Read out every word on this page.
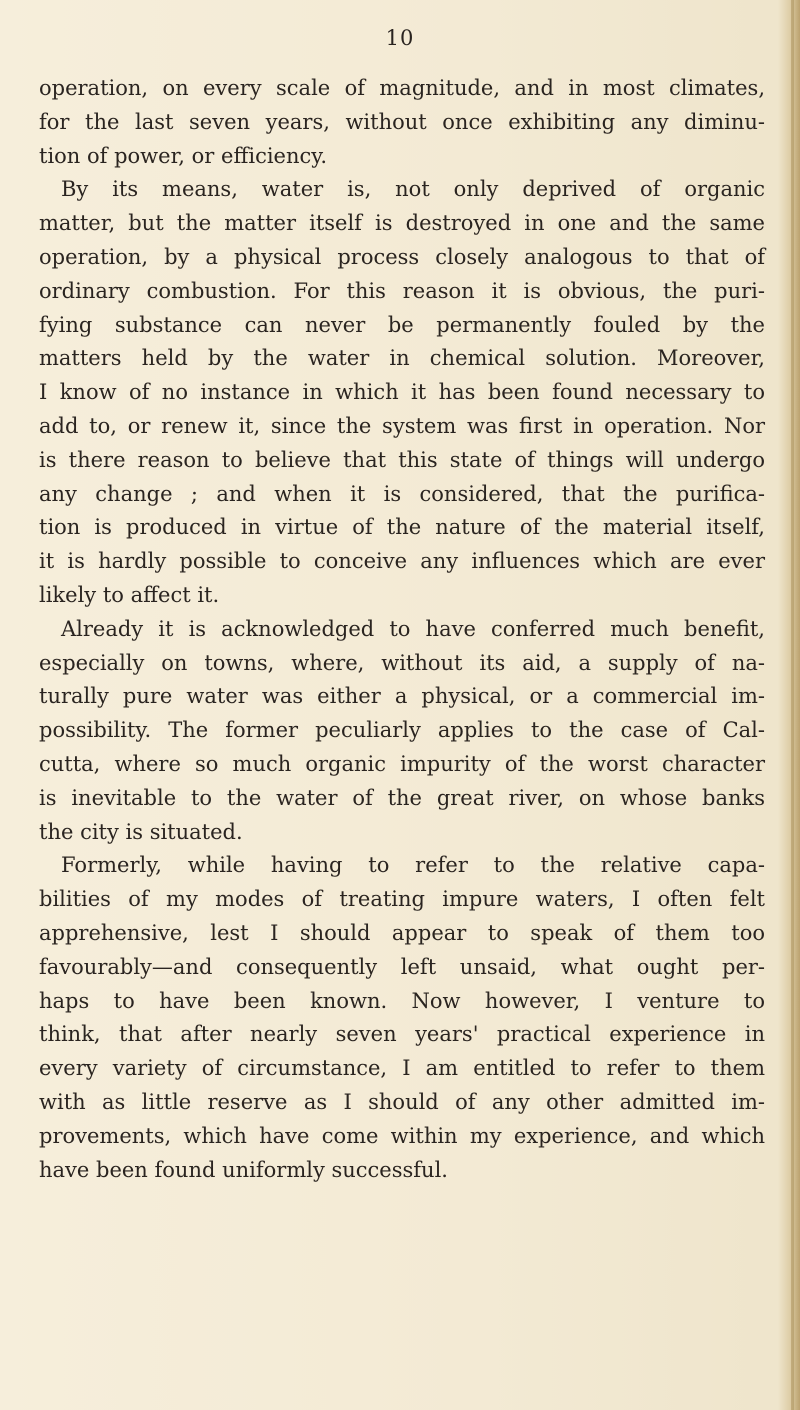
10
operation, on every scale of magnitude, and in most climates,
for the last seven years, without once exhibiting any diminu-
tion of power, or efficiency.
By its means, water is, not only deprived of organic
matter, but the matter itself is destroyed in one and the same
operation, by a physical process closely analogous to that of
ordinary combustion. For this reason it is obvious, the puri-
fying substance can never be permanently fouled by the
matters held by the water in chemical solution. Moreover,
I know of no instance in which it has been found necessary to
add to, or renew it, since the system was first in operation. Nor
is there reason to believe that this state of things will undergo
any change ; and when it is considered, that the purifica-
tion is produced in virtue of the nature of the material itself,
it is hardly possible to conceive any influences which are ever
likely to affect it.
Already it is acknowledged to have conferred much benefit,
especially on towns, where, without its aid, a supply of na-
turally pure water was either a physical, or a commercial im-
possibility. The former peculiarly applies to the case of Cal-
cutta, where so much organic impurity of the worst character
is inevitable to the water of the great river, on whose banks
the city is situated.
Formerly, while having to refer to the relative capa-
bilities of my modes of treating impure waters, I often felt
apprehensive, lest I should appear to speak of them too
favourably—and consequently left unsaid, what ought per-
haps to have been known. Now however, I venture to
think, that after nearly seven years' practical experience in
every variety of circumstance, I am entitled to refer to them
with as little reserve as I should of any other admitted im-
provements, which have come within my experience, and which
have been found uniformly successful.
